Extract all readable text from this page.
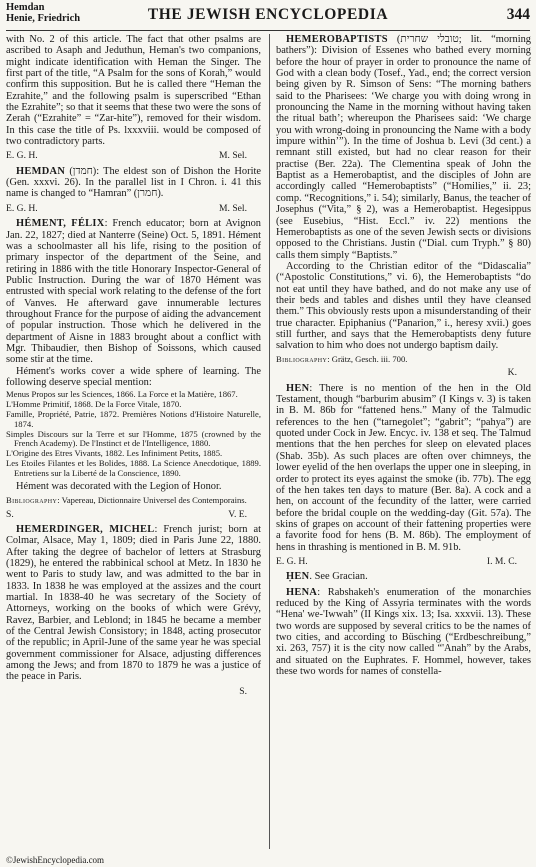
Hemdan
Henie, Friedrich	THE JEWISH ENCYCLOPEDIA	344

with No. 2 of this article. The fact that other psalms are ascribed to Asaph and Jeduthun, Heman's two companions, might indicate identification with Heman the Singer. The first part of the title, “A Psalm for the sons of Korah,” would confirm this supposition. But he is called there “Heman the Ezrahite,” and the following psalm is superscribed “Ethan the Ezrahite”; so that it seems that these two were the sons of Zerah (“Ezrahite” = “Zar-hite”), removed for their wisdom. In this case the title of Ps. lxxxviii. would be composed of two contradictory parts.

E. G. H.	M. Sel.

HEMDAN (חמדן): The eldest son of Dishon the Horite (Gen. xxxvi. 26). In the parallel list in I Chron. i. 41 this name is changed to “Hamran” (חמרן).

E. G. H.	M. Sel.

HÉMENT, FÉLIX: French educator; born at Avignon Jan. 22, 1827; died at Nanterre (Seine) Oct. 5, 1891. Hément was a schoolmaster all his life, rising to the position of primary inspector of the department of the Seine, and retiring in 1886 with the title Honorary Inspector-General of Public Instruction. During the war of 1870 Hément was entrusted with special work relating to the defense of the fort of Vanves. He afterward gave innumerable lectures throughout France for the purpose of aiding the advancement of popular instruction. Those which he delivered in the department of Aisne in 1883 brought about a conflict with Mgr. Thibaudier, then Bishop of Soissons, which caused some stir at the time.

Hément's works cover a wide sphere of learning. The following deserve special mention:

Menus Propos sur les Sciences, 1866. La Force et la Matière, 1867.

L'Homme Primitif, 1868. De la Force Vitale, 1870.

Famille, Propriété, Patrie, 1872. Premières Notions d'Histoire Naturelle, 1874.

Simples Discours sur la Terre et sur l'Homme, 1875 (crowned by the French Academy). De l'Instinct et de l'Intelligence, 1880.

L'Origine des Etres Vivants, 1882. Les Infiniment Petits, 1885.

Les Etoiles Filantes et les Bolides, 1888. La Science Anecdotique, 1889. Entretiens sur la Liberté de la Conscience, 1890.

Hément was decorated with the Legion of Honor.

Bibliography: Vapereau, Dictionnaire Universel des Contemporains.

S.	V. E.

HEMERDINGER, MICHEL: French jurist; born at Colmar, Alsace, May 1, 1809; died in Paris June 22, 1880. After taking the degree of bachelor of letters at Strasburg (1829), he entered the rabbinical school at Metz. In 1830 he went to Paris to study law, and was admitted to the bar in 1833. In 1838 he was employed at the assizes and the court martial. In 1838-40 he was secretary of the Society of Attorneys, working on the books of which were Grévy, Ravez, Barbier, and Leblond; in 1845 he became a member of the Central Jewish Consistory; in 1848, acting prosecutor of the republic; in April-June of the same year he was special government commissioner for Alsace, adjusting differences among the Jews; and from 1870 to 1879 he was a justice of the peace in Paris.

S.

HEMEROBAPTISTS (טובלי שחרית; lit. “morning bathers”): Division of Essenes who bathed every morning before the hour of prayer in order to pronounce the name of God with a clean body (Tosef., Yad., end; the correct version being given by R. Simson of Sens: “The morning bathers said to the Pharisees: ‘We charge you with doing wrong in pronouncing the Name in the morning without having taken the ritual bath’; whereupon the Pharisees said: ‘We charge you with wrong-doing in pronouncing the Name with a body impure within’”). In the time of Joshua b. Levi (3d cent.) a remnant still existed, but had no clear reason for their practise (Ber. 22a). The Clementina speak of John the Baptist as a Hemerobaptist, and the disciples of John are accordingly called “Hemerobaptists” (“Homilies,” ii. 23; comp. “Recognitions,” i. 54); similarly, Banus, the teacher of Josephus (“Vita,” § 2), was a Hemerobaptist. Hegesippus (see Eusebius, “Hist. Eccl.” iv. 22) mentions the Hemerobaptists as one of the seven Jewish sects or divisions opposed to the Christians. Justin (“Dial. cum Tryph.” § 80) calls them simply “Baptists.”

According to the Christian editor of the “Didascalia” (“Apostolic Constitutions,” vi. 6), the Hemerobaptists “do not eat until they have bathed, and do not make any use of their beds and tables and dishes until they have cleansed them.” This obviously rests upon a misunderstanding of their true character. Epiphanius (“Panarion,” i., heresy xvii.) goes still further, and says that the Hemerobaptists deny future salvation to him who does not undergo baptism daily.

Bibliography: Grätz, Gesch. iii. 700.

K.

HEN: There is no mention of the hen in the Old Testament, though “barburim abusim” (I Kings v. 3) is taken in B. M. 86b for “fattened hens.” Many of the Talmudic references to the hen (“tarnegolet”; “gabrit”; “pahya”) are quoted under Cock in Jew. Encyc. iv. 138 et seq. The Talmud mentions that the hen perches for sleep on elevated places (Shab. 35b). As such places are often over chimneys, the lower eyelid of the hen overlaps the upper one in sleeping, in order to protect its eyes against the smoke (ib. 77b). The egg of the hen takes ten days to mature (Ber. 8a). A cock and a hen, on account of the fecundity of the latter, were carried before the bridal couple on the wedding-day (Git. 57a). The skins of grapes on account of their fattening properties were a favorite food for hens (B. M. 86b). The employment of hens in thrashing is mentioned in B. M. 91b.

E. G. H.	I. M. C.

ḤEN. See Gracian.

HENA: Rabshakeh's enumeration of the monarchies reduced by the King of Assyria terminates with the words “Hena' we-'Iwwah” (II Kings xix. 13; Isa. xxxvii. 13). These two words are supposed by several critics to be the names of two cities, and according to Büsching (“Erdbeschreibung,” xi. 263, 757) it is the city now called “'Anah” by the Arabs, and situated on the Euphrates. F. Hommel, however, takes these two words for names of constella-

©JewishEncyclopedia.com
